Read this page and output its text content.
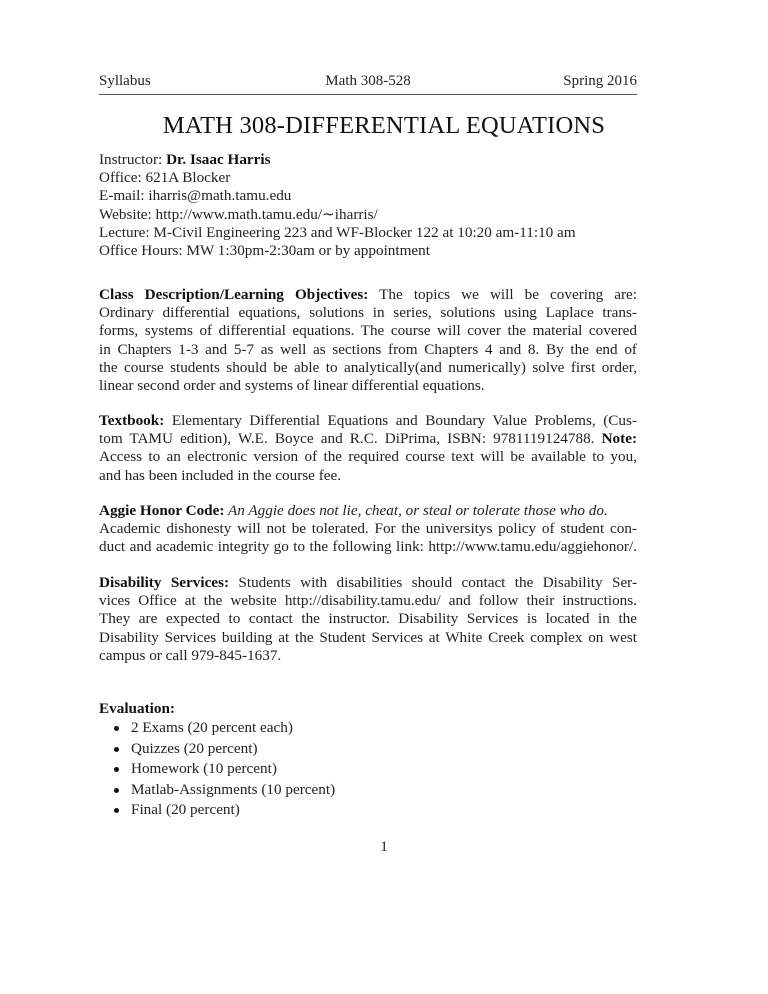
Syllabus	Math 308-528	Spring 2016
MATH 308-DIFFERENTIAL EQUATIONS
Instructor: Dr. Isaac Harris
Office: 621A Blocker
E-mail: iharris@math.tamu.edu
Website: http://www.math.tamu.edu/∼iharris/
Lecture: M-Civil Engineering 223 and WF-Blocker 122 at 10:20 am-11:10 am
Office Hours: MW 1:30pm-2:30am or by appointment
Class Description/Learning Objectives: The topics we will be covering are:
Ordinary differential equations, solutions in series, solutions using Laplace trans-
forms, systems of differential equations. The course will cover the material covered
in Chapters 1-3 and 5-7 as well as sections from Chapters 4 and 8. By the end of
the course students should be able to analytically(and numerically) solve first order,
linear second order and systems of linear differential equations.
Textbook: Elementary Differential Equations and Boundary Value Problems, (Cus-
tom TAMU edition), W.E. Boyce and R.C. DiPrima, ISBN: 9781119124788. Note:
Access to an electronic version of the required course text will be available to you,
and has been included in the course fee.
Aggie Honor Code: An Aggie does not lie, cheat, or steal or tolerate those who do.
Academic dishonesty will not be tolerated. For the universitys policy of student con-
duct and academic integrity go to the following link: http://www.tamu.edu/aggiehonor/.
Disability Services: Students with disabilities should contact the Disability Ser-
vices Office at the website http://disability.tamu.edu/ and follow their instructions.
They are expected to contact the instructor. Disability Services is located in the
Disability Services building at the Student Services at White Creek complex on west
campus or call 979-845-1637.
Evaluation:
2 Exams (20 percent each)
Quizzes (20 percent)
Homework (10 percent)
Matlab-Assignments (10 percent)
Final (20 percent)
1
